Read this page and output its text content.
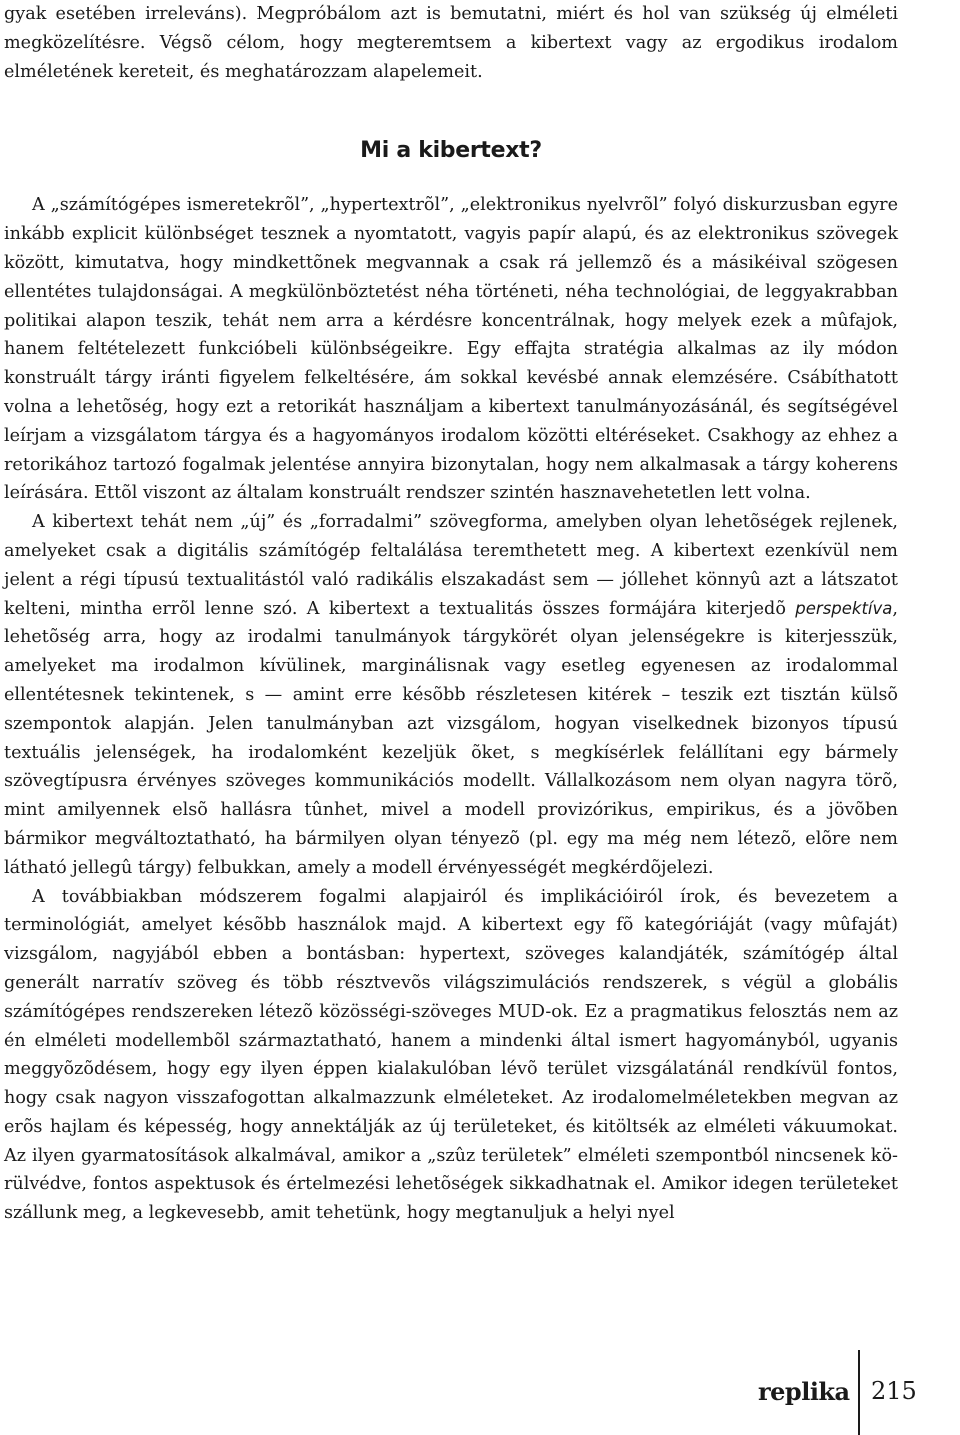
gyak esetében irreleváns). Megpróbálom azt is bemutatni, miért és hol van szükség új elméleti megközelítésre. Végsõ célom, hogy megteremtsem a kibertext vagy az ergodikus irodalom elméletének kereteit, és meghatározzam alapelemeit.

Mi a kibertext?

A „számítógépes ismeretekrõl”, „hypertextrõl”, „elektronikus nyelvrõl” folyó diskurzusban egyre inkább explicit különbséget tesznek a nyomtatott, vagyis papír alapú, és az elektronikus szövegek között, kimutatva, hogy mindkettõnek megvannak a csak rá jellemzõ és a másikéival szögesen ellentétes tulajdonságai. A megkülönböztetést néha történeti, néha technológiai, de leggyakrabban politikai alapon teszik, tehát nem arra a kérdésre koncentrálnak, hogy melyek ezek a mûfajok, hanem feltételezett funkcióbeli különbségeikre. Egy effajta stratégia alkalmas az ily módon konstruált tárgy iránti figyelem felkeltésére, ám sokkal kevésbé annak elemzésére. Csábíthatott volna a lehetõség, hogy ezt a retorikát használjam a kibertext tanulmányozásánál, és segítségével leírjam a vizsgálatom tárgya és a hagyományos irodalom közötti eltéréseket. Csakhogy az ehhez a retorikához tartozó fogalmak jelentése annyira bizonytalan, hogy nem alkalmasak a tárgy koherens leírására. Ettõl viszont az általam konstruált rendszer szintén hasznavehetetlen lett volna.

A kibertext tehát nem „új” és „forradalmi” szövegforma, amelyben olyan lehetõségek rejlenek, amelyeket csak a digitális számítógép feltalálása teremthetett meg. A kibertext ezenkívül nem jelent a régi típusú textualitástól való radikális elszakadást sem — jóllehet könnyû azt a látszatot kelteni, mintha errõl lenne szó. A kibertext a textualitás összes formájára kiterjedõ perspektíva, lehetõség arra, hogy az irodalmi tanulmányok tárgykörét olyan jelenségekre is kiterjesszük, amelyeket ma irodalmon kívülinek, marginálisnak vagy esetleg egyenesen az irodalommal ellentétesnek tekintenek, s — amint erre késõbb részletesen kitérek – teszik ezt tisztán külsõ szempontok alapján. Jelen tanulmányban azt vizsgálom, hogyan viselkednek bizonyos típusú textuális jelenségek, ha irodalomként kezeljük õket, s megkísérlek felállítani egy bármely szövegtípusra érvényes szöveges kommunikációs modellt. Vállalkozásom nem olyan nagyra törõ, mint amilyennek elsõ hallásra tûnhet, mivel a modell provizórikus, empirikus, és a jövõben bármikor megváltoztatható, ha bármilyen olyan tényezõ (pl. egy ma még nem létezõ, elõre nem látható jellegû tárgy) felbukkan, amely a modell érvényességét megkérdõjelezi.

A továbbiakban módszerem fogalmi alapjairól és implikációiról írok, és bevezetem a terminológiát, amelyet késõbb használok majd. A kibertext egy fõ kategóriáját (vagy mûfaját) vizsgálom, nagyjából ebben a bontásban: hypertext, szöveges kalandjáték, számítógép által generált narratív szöveg és több résztvevõs világszimulációs rendszerek, s végül a globális számítógépes rendszereken létezõ közösségi-szöveges MUD-ok. Ez a pragmatikus felosztás nem az én elméleti modellembõl származtatható, hanem a mindenki által ismert hagyományból, ugyanis meggyõzõdésem, hogy egy ilyen éppen kialakulóban lévõ terület vizsgálatánál rendkívül fontos, hogy csak nagyon visszafogottan alkalmazzunk elméleteket. Az irodalomelméletekben megvan az erõs hajlam és képesség, hogy annektálják az új területeket, és kitöltsék az elméleti vákuumokat. Az ilyen gyarmatosítások alkalmával, amikor a „szûz területek” elméleti szempontból nincsenek körülvédve, fontos aspektusok és értelmezési lehetõségek sikkadhatnak el. Amikor idegen területeket szállunk meg, a legkevesebb, amit tehetünk, hogy megtanuljuk a helyi nyel

replika 215
